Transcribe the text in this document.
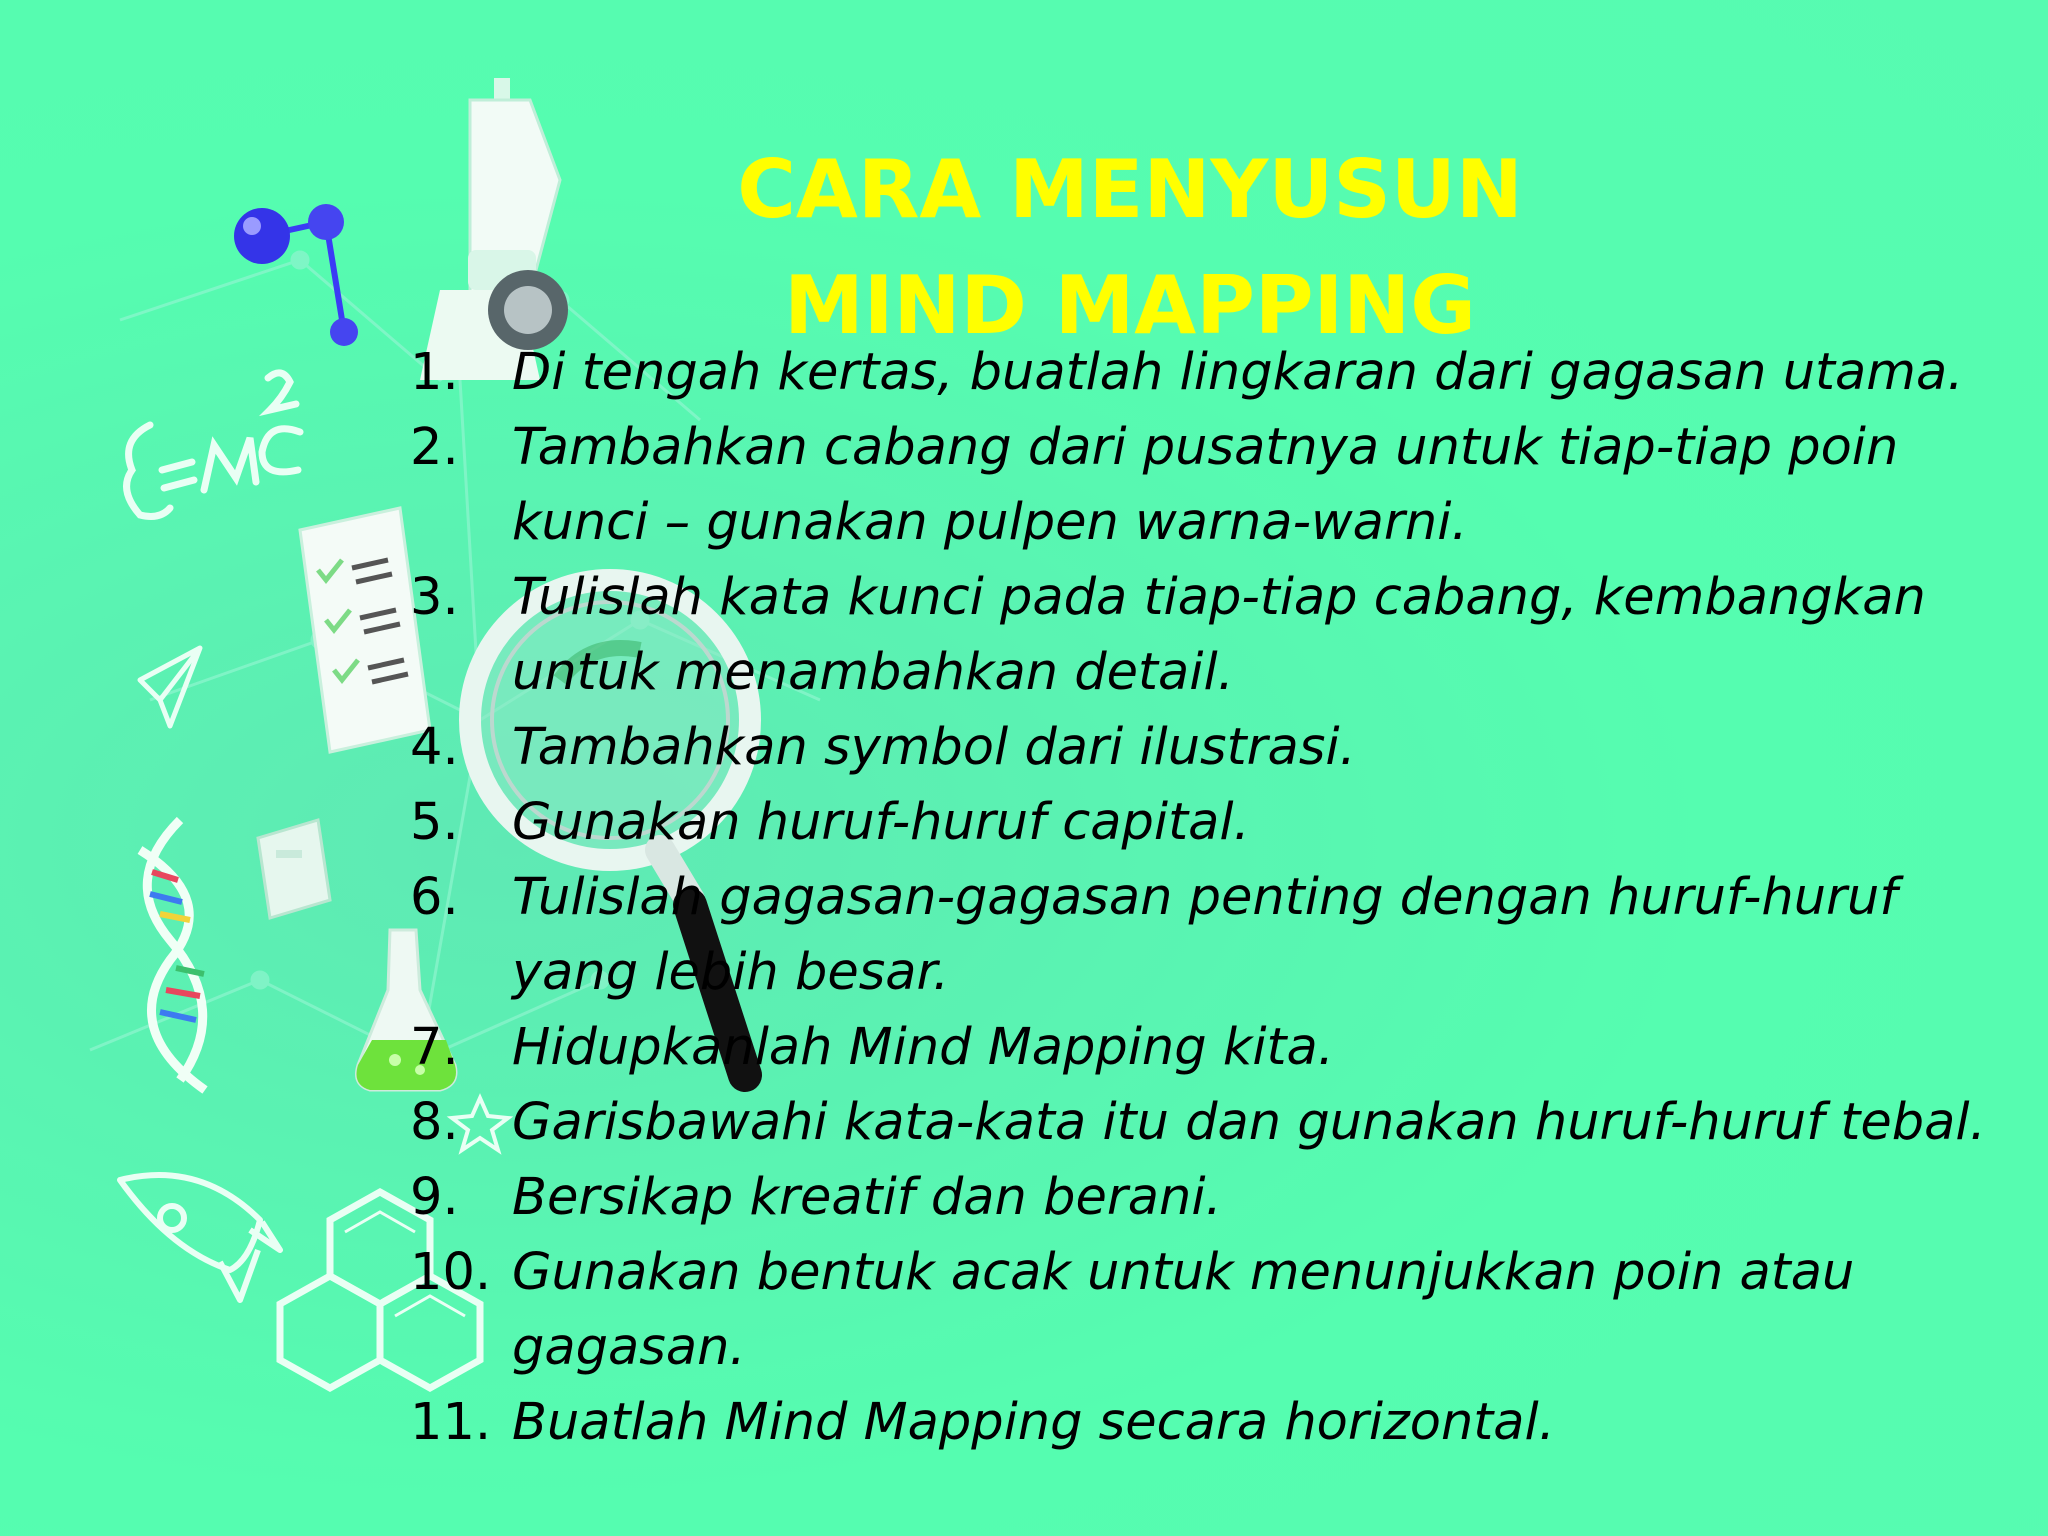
CARA MENYUSUN
MIND MAPPING
1.	Di tengah kertas, buatlah lingkaran dari gagasan utama.
2.	Tambahkan cabang dari pusatnya untuk tiap-tiap poin kunci – gunakan pulpen warna-warni.
3.	Tulislah kata kunci pada tiap-tiap cabang, kembangkan untuk menambahkan detail.
4.	Tambahkan symbol dari ilustrasi.
5.	Gunakan huruf-huruf capital.
6.	Tulislah gagasan-gagasan penting dengan huruf-huruf yang lebih besar.
7.	Hidupkanlah Mind Mapping kita.
8.	Garisbawahi kata-kata itu dan gunakan huruf-huruf tebal.
9.	Bersikap kreatif dan berani.
10. Gunakan bentuk acak untuk menunjukkan poin atau gagasan.
11. Buatlah Mind Mapping secara horizontal.
